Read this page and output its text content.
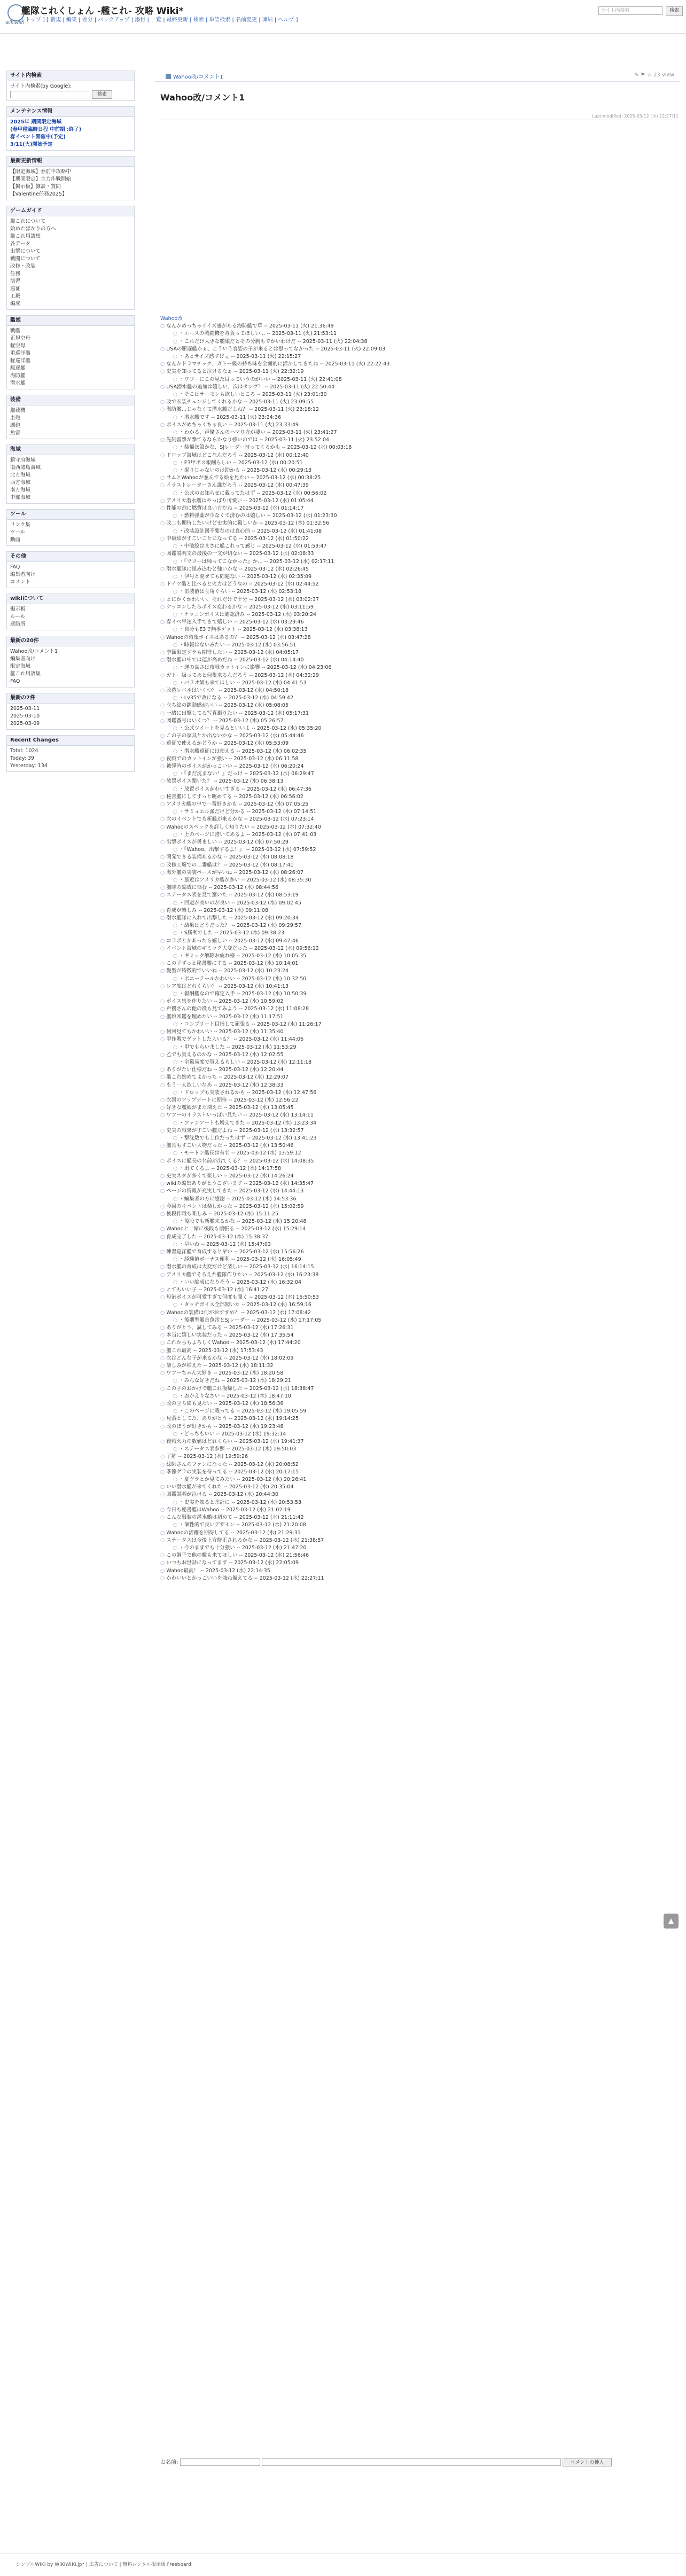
wikiwiki
艦隊これくしょん -艦これ- 攻略 Wiki*
[ トップ ] [ 新規 | 編集 | 差分 | バックアップ | 添付 | 一覧 | 最終更新 | 検索 | 単語検索 | 名前変更 | 凍結 | ヘルプ ]
サイト内検索	検索
サイト内検索
サイト内検索(by Google):
検索
メンテナンス情報
2025年 期間限定海域
(春甲種臨時日程 中前期 :終了)
春イベント開催中(予定)
3/11(火)開始予定
最新更新情報
【限定海域】春前半攻略中
【期間限定】主力作戦開始
【掲示板】雑談・質問
【Valentine任務2025】
ゲームガイド
艦これについて
始めたばかりの方へ
艦これ用語集
各データ
出撃について
戦闘について
改修・改装
任務
演習
遠征
工廠
編成
艦娘
戦艦
正規空母
軽空母
重巡洋艦
軽巡洋艦
駆逐艦
海防艦
潜水艦
装備
艦載機
主砲
副砲
魚雷
海域
鎮守府海域
南西諸島海域
北方海域
西方海域
南方海域
中部海域
ツール
リンク集
ツール
動画
その他
FAQ
編集者向け
コメント
wikiについて
掲示板
ルール
連絡所
最新の20件
Wahoo改/コメント1
編集者向け
限定海域
艦これ用語集
FAQ
最新の7件
2025-03-11
2025-03-10
2025-03-09
Recent Changes
Total: 1024
Today: 39
Yesterday: 134
Wahoo改/コメント1	✎ ⚑ ☆ 23 view
Wahoo改/コメント1
Last-modified: 2025-03-12 (水) 22:27:11
Wahoo改
○ なんかめっちゃサイズ感がある海防艦で草 -- 2025-03-11 (火) 21:36:49
○ ・エースの戦闘機を背負ってほしい… -- 2025-03-11 (火) 21:53:11
○ ・これだけ大きな艦娘だとその分胸もでかいわけだ -- 2025-03-11 (火) 22:04:38
○ USAの駆逐艦かぁ、こういう容姿の子が来るとは思ってなかった -- 2025-03-11 (火) 22:09:03
○ ・あとサイズ感すげぇ -- 2025-03-11 (火) 22:15:27
○ なんかドラマチック、ガトー級の持ち味を全面的に活かしてきたね -- 2025-03-11 (火) 22:22:43
○ 史実を知ってると泣けるなぁ -- 2025-03-11 (火) 22:32:19
○ ・ワフーにこの見た目っていうのがいい -- 2025-03-11 (火) 22:41:08
○ USA潜水艦の追加は嬉しい、次はタング？ -- 2025-03-11 (火) 22:50:44
○ ・そこはサーモンも欲しいところ -- 2025-03-11 (火) 23:01:30
○ 改で衣装チェンジしてくれるかな -- 2025-03-11 (火) 23:09:55
○ 海防艦…じゃなくて潜水艦だよね？ -- 2025-03-11 (火) 23:18:12
○ ・潜水艦です -- 2025-03-11 (火) 23:24:36
○ ボイスがめちゃくちゃ良い -- 2025-03-11 (火) 23:33:49
○ ・わかる、声優さんのハマり方が凄い -- 2025-03-11 (火) 23:41:27
○ 先制雷撃が撃てるならかなり強いのでは -- 2025-03-11 (火) 23:52:04
○ ・装備次第かな、SJレーダー持ってくるかも -- 2025-03-12 (水) 00:03:18
○ ドロップ海域はどこなんだろう -- 2025-03-12 (水) 00:12:40
○ ・E3甲ボス報酬らしい -- 2025-03-12 (水) 00:20:51
○ ・掘りじゃないのは助かる -- 2025-03-12 (水) 00:29:13
○ サムとWahooが並んでる絵を見たい -- 2025-03-12 (水) 00:38:25
○ イラストレーターさん誰だろう -- 2025-03-12 (水) 00:47:39
○ ・公式のお知らせに載ってたはず -- 2025-03-12 (水) 00:56:02
○ アメリカ潜水艦はやっぱり可愛い -- 2025-03-12 (水) 01:05:44
○ 性能の割に燃費は良い方だね -- 2025-03-12 (水) 01:14:17
○ ・燃料弾薬が少なくて済むのは嬉しい -- 2025-03-12 (水) 01:23:30
○ 改二も期待したいけど史実的に難しいか -- 2025-03-12 (水) 01:32:56
○ ・改装設計図不要なのは良心的 -- 2025-03-12 (水) 01:41:08
○ 中破絵がすごいことになってる -- 2025-03-12 (水) 01:50:22
○ ・中破絵はまさに艦これって感じ -- 2025-03-12 (水) 01:59:47
○ 図鑑説明文の最後の一文が切ない -- 2025-03-12 (水) 02:08:33
○ ・『ワフーは帰ってこなかった』か… -- 2025-03-12 (水) 02:17:11
○ 潜水艦隊に組み込むと強いかな -- 2025-03-12 (水) 02:26:45
○ ・伊号と混ぜても問題ない -- 2025-03-12 (水) 02:35:09
○ ドイツ艦と比べると火力はどうなの -- 2025-03-12 (水) 02:44:52
○ ・雷装値は互角ぐらい -- 2025-03-12 (水) 02:53:18
○ とにかくかわいい、それだけで十分 -- 2025-03-12 (水) 03:02:37
○ ケッコンしたらボイス変わるかな -- 2025-03-12 (水) 03:11:59
○ ・ケッコンボイスは確認済み -- 2025-03-12 (水) 03:20:24
○ 春イベ早速入手できて嬉しい -- 2025-03-12 (水) 03:29:46
○ ・自分もE3で無事ゲット -- 2025-03-12 (水) 03:38:13
○ Wahooの時報ボイスはあるの？ -- 2025-03-12 (水) 03:47:28
○ ・時報はないみたい -- 2025-03-12 (水) 03:56:51
○ 季節限定グラも期待したい -- 2025-03-12 (水) 04:05:17
○ 潜水艦の中では運が高めだね -- 2025-03-12 (水) 04:14:40
○ ・運の高さは夜戦カットインに影響 -- 2025-03-12 (水) 04:23:06
○ ガトー級ってあと何隻来るんだろう -- 2025-03-12 (水) 04:32:29
○ ・バラオ級も来てほしい -- 2025-03-12 (水) 04:41:53
○ 改造レベルはいくつ？ -- 2025-03-12 (水) 04:50:18
○ ・Lv35で改になる -- 2025-03-12 (水) 04:59:42
○ 立ち絵の躍動感がいい -- 2025-03-12 (水) 05:08:05
○ 一緒に出撃してる写真撮りたい -- 2025-03-12 (水) 05:17:31
○ 図鑑番号はいくつ？ -- 2025-03-12 (水) 05:26:57
○ ・公式ツイートを見るといいよ -- 2025-03-12 (水) 05:35:20
○ この子の家具とか出ないかな -- 2025-03-12 (水) 05:44:46
○ 遠征で使えるかどうか -- 2025-03-12 (水) 05:53:09
○ ・潜水艦遠征には使える -- 2025-03-12 (水) 06:02:35
○ 夜戦でのカットインが強い -- 2025-03-12 (水) 06:11:58
○ 被弾時のボイスがかっこいい -- 2025-03-12 (水) 06:20:24
○ ・『まだ沈まない！』だっけ -- 2025-03-12 (水) 06:29:47
○ 放置ボイス聞いた？ -- 2025-03-12 (水) 06:38:13
○ ・放置ボイスかわいすぎる -- 2025-03-12 (水) 06:47:36
○ 秘書艦にしてずっと眺めてる -- 2025-03-12 (水) 06:56:02
○ アメリカ艦の中で一番好きかも -- 2025-03-12 (水) 07:05:25
○ ・サミュエル派だけど分かる -- 2025-03-12 (水) 07:14:51
○ 次のイベントでも新艦が来るかな -- 2025-03-12 (水) 07:23:14
○ Wahooのスペックを詳しく知りたい -- 2025-03-12 (水) 07:32:40
○ ・上のページに書いてあるよ -- 2025-03-12 (水) 07:41:03
○ 出撃ボイスが勇ましい -- 2025-03-12 (水) 07:50:29
○ ・『Wahoo、出撃するよ！』 -- 2025-03-12 (水) 07:59:52
○ 開発できる装備あるかな -- 2025-03-12 (水) 08:08:18
○ 改修工廠での二番艦は？ -- 2025-03-12 (水) 08:17:41
○ 海外艦の実装ペースが早いね -- 2025-03-12 (水) 08:26:07
○ ・最近はアメリカ艦が多い -- 2025-03-12 (水) 08:35:30
○ 艦隊の編成に悩む -- 2025-03-12 (水) 08:44:56
○ ステータス表を見て驚いた -- 2025-03-12 (水) 08:53:19
○ ・回避が高いのが良い -- 2025-03-12 (水) 09:02:45
○ 育成が楽しみ -- 2025-03-12 (水) 09:11:08
○ 潜水艦隊に入れて出撃した -- 2025-03-12 (水) 09:20:34
○ ・結果はどうだった？ -- 2025-03-12 (水) 09:29:57
○ ・S勝利でした -- 2025-03-12 (水) 09:38:23
○ コラボとかあったら嬉しい -- 2025-03-12 (水) 09:47:46
○ イベント海域のギミック大変だった -- 2025-03-12 (水) 09:56:12
○ ・ギミック解除お疲れ様 -- 2025-03-12 (水) 10:05:35
○ この子ずっと秘書艦にする -- 2025-03-12 (水) 10:14:01
○ 髪型が特徴的でいいね -- 2025-03-12 (水) 10:23:24
○ ・ポニーテールかわいい -- 2025-03-12 (水) 10:32:50
○ レア度はどれくらい？ -- 2025-03-12 (水) 10:41:13
○ ・報酬艦なので確定入手 -- 2025-03-12 (水) 10:50:39
○ ボイス集を作りたい -- 2025-03-12 (水) 10:59:02
○ 声優さんの他の役も見てみよう -- 2025-03-12 (水) 11:08:28
○ 艦娘図鑑を埋めたい -- 2025-03-12 (水) 11:17:51
○ ・コンプリート目指して頑張る -- 2025-03-12 (水) 11:26:17
○ 何回見てもかわいい -- 2025-03-12 (水) 11:35:40
○ 甲作戦でゲットした人いる？ -- 2025-03-12 (水) 11:44:06
○ ・甲でもらいました -- 2025-03-12 (水) 11:53:29
○ 乙でも貰えるのかな -- 2025-03-12 (水) 12:02:55
○ ・全難易度で貰えるらしい -- 2025-03-12 (水) 12:11:18
○ ありがたい仕様だね -- 2025-03-12 (水) 12:20:44
○ 艦これ始めてよかった -- 2025-03-12 (水) 12:29:07
○ もう一人欲しいなあ -- 2025-03-12 (水) 12:38:33
○ ・ドロップも実装されるかも -- 2025-03-12 (水) 12:47:56
○ 次回のアップデートに期待 -- 2025-03-12 (水) 12:56:22
○ 好きな艦娘がまた増えた -- 2025-03-12 (水) 13:05:45
○ ワフーのイラストいっぱい見たい -- 2025-03-12 (水) 13:14:11
○ ・ファンアートも増えてきた -- 2025-03-12 (水) 13:23:34
○ 史実の戦果がすごい艦だよね -- 2025-03-12 (水) 13:32:57
○ ・撃沈数でも上位だったはず -- 2025-03-12 (水) 13:41:23
○ 艦長もすごい人物だった -- 2025-03-12 (水) 13:50:46
○ ・モートン艦長は有名 -- 2025-03-12 (水) 13:59:12
○ ボイスに艦長の名前が出てくる？ -- 2025-03-12 (水) 14:08:35
○ ・出てくるよ -- 2025-03-12 (水) 14:17:58
○ 史実ネタが多くて楽しい -- 2025-03-12 (水) 14:26:24
○ wikiの編集ありがとうございます -- 2025-03-12 (水) 14:35:47
○ ページの情報が充実してきた -- 2025-03-12 (水) 14:44:13
○ ・編集者の方に感謝 -- 2025-03-12 (水) 14:53:36
○ 今回のイベントは楽しかった -- 2025-03-12 (水) 15:02:59
○ 後段作戦も楽しみ -- 2025-03-12 (水) 15:11:25
○ ・後段でも新艦来るかな -- 2025-03-12 (水) 15:20:48
○ Wahooと一緒に後段も頑張る -- 2025-03-12 (水) 15:29:14
○ 育成完了した -- 2025-03-12 (水) 15:38:37
○ ・早いね -- 2025-03-12 (水) 15:47:03
○ 練習巡洋艦で育成すると早い -- 2025-03-12 (水) 15:56:26
○ ・経験値ボーナス便利 -- 2025-03-12 (水) 16:05:49
○ 潜水艦の育成は大変だけど楽しい -- 2025-03-12 (水) 16:14:15
○ アメリカ艦でそろえた艦隊作りたい -- 2025-03-12 (水) 16:23:38
○ ・いい編成になりそう -- 2025-03-12 (水) 16:32:04
○ とてもいい子 -- 2025-03-12 (水) 16:41:27
○ 母港ボイスが可愛すぎて何度も聞く -- 2025-03-12 (水) 16:50:53
○ ・タッチボイス全部聞いた -- 2025-03-12 (水) 16:59:16
○ Wahooの装備は何がおすすめ？ -- 2025-03-12 (水) 17:08:42
○ ・後期型艦首魚雷とSJレーダー -- 2025-03-12 (水) 17:17:05
○ ありがとう、試してみる -- 2025-03-12 (水) 17:26:31
○ 本当に嬉しい実装だった -- 2025-03-12 (水) 17:35:54
○ これからもよろしくWahoo -- 2025-03-12 (水) 17:44:20
○ 艦これ最高 -- 2025-03-12 (水) 17:53:43
○ 次はどんな子が来るかな -- 2025-03-12 (水) 18:02:09
○ 楽しみが増えた -- 2025-03-12 (水) 18:11:32
○ ワフーちゃん大好き -- 2025-03-12 (水) 18:20:58
○ ・みんな好きだね -- 2025-03-12 (水) 18:29:21
○ この子のおかげで艦これ復帰した -- 2025-03-12 (水) 18:38:47
○ ・おかえりなさい -- 2025-03-12 (水) 18:47:10
○ 改の立ち絵も見たい -- 2025-03-12 (水) 18:56:36
○ ・このページに載ってる -- 2025-03-12 (水) 19:05:59
○ 見落としてた、ありがとう -- 2025-03-12 (水) 19:14:25
○ 改のほうが好きかも -- 2025-03-12 (水) 19:23:48
○ ・どっちもいい -- 2025-03-12 (水) 19:32:14
○ 夜戦火力の数値はどれくらい -- 2025-03-12 (水) 19:41:37
○ ・ステータス表参照 -- 2025-03-12 (水) 19:50:03
○ 了解 -- 2025-03-12 (水) 19:59:26
○ 絵師さんのファンになった -- 2025-03-12 (水) 20:08:52
○ 季節グラの実装を待ってる -- 2025-03-12 (水) 20:17:15
○ ・夏グラとか見てみたい -- 2025-03-12 (水) 20:26:41
○ いい潜水艦が来てくれた -- 2025-03-12 (水) 20:35:04
○ 図鑑説明が泣ける -- 2025-03-12 (水) 20:44:30
○ ・史実を知ると余計に -- 2025-03-12 (水) 20:53:53
○ 今日も秘書艦はWahoo -- 2025-03-12 (水) 21:02:19
○ こんな服装の潜水艦は初めて -- 2025-03-12 (水) 21:11:42
○ ・個性的で良いデザイン -- 2025-03-12 (水) 21:20:08
○ Wahooの活躍を期待してる -- 2025-03-12 (水) 21:29:31
○ ステータスは今後上方修正されるかな -- 2025-03-12 (水) 21:38:57
○ ・今のままでも十分強い -- 2025-03-12 (水) 21:47:20
○ この調子で他の艦も来てほしい -- 2025-03-12 (水) 21:56:46
○ いつもお世話になってます -- 2025-03-12 (水) 22:05:09
○ Wahoo最高！ -- 2025-03-12 (水) 22:14:35
○ かわいいとかっこいいを兼ね備えてる -- 2025-03-12 (水) 22:27:11
お名前:	コメントの挿入
▲
シンプルWIKI by WIKIWIKI.jp* | 広告について | 無料レンタル掲示板 Freeboard
